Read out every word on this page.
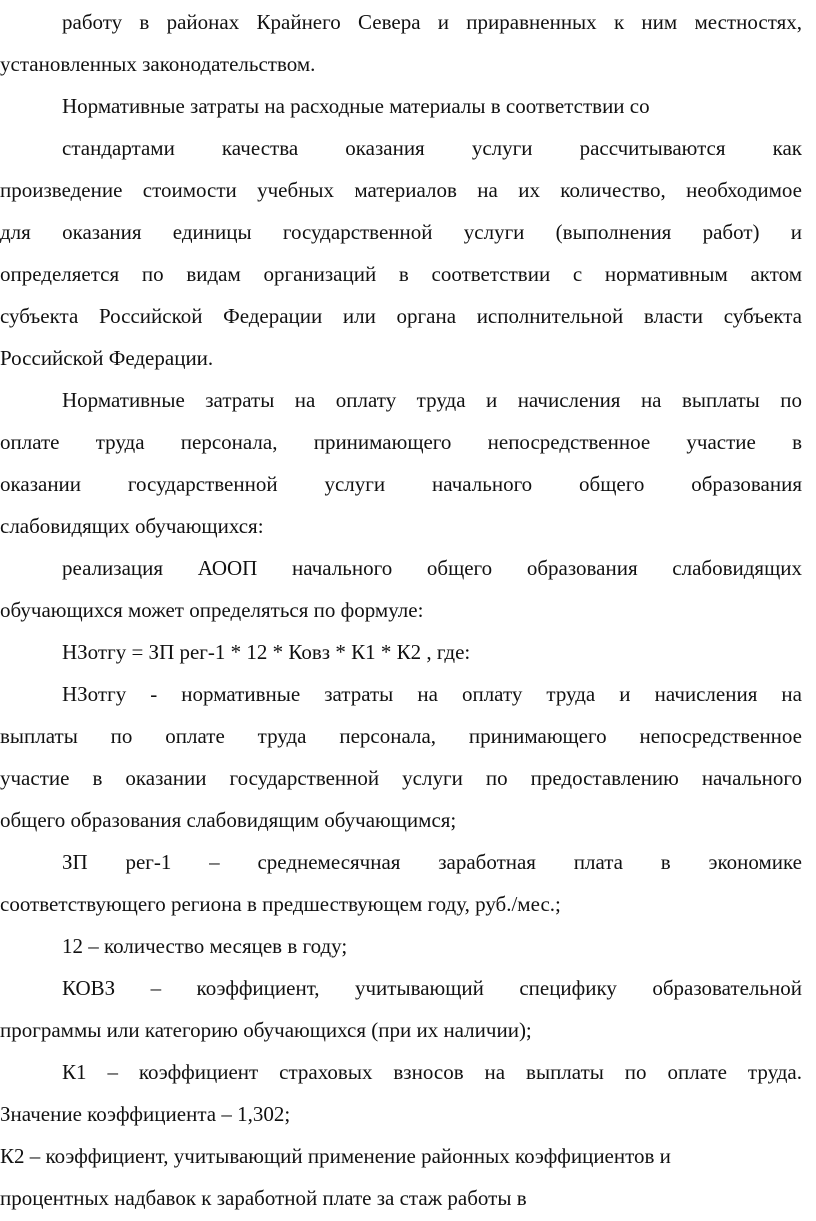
работу в районах Крайнего Севера и приравненных к ним местностях,
установленных законодательством.
Нормативные затраты на расходные материалы в соответствии со
стандартами качества оказания услуги рассчитываются как
произведение стоимости учебных материалов на их количество, необходимое
для оказания единицы государственной услуги (выполнения работ) и
определяется по видам организаций в соответствии с нормативным актом
субъекта Российской Федерации или органа исполнительной власти субъекта
Российской Федерации.
Нормативные затраты на оплату труда и начисления на выплаты по
оплате труда персонала, принимающего непосредственное участие в
оказании государственной услуги начального общего образования
слабовидящих обучающихся:
реализация АООП начального общего образования слабовидящих
обучающихся может определяться по формуле:
НЗотгу = ЗП рег-1 * 12 * Ковз * К1 * К2 , где:
НЗотгу - нормативные затраты на оплату труда и начисления на
выплаты по оплате труда персонала, принимающего непосредственное
участие в оказании государственной услуги по предоставлению начального
общего образования слабовидящим обучающимся;
ЗП рег-1 – среднемесячная заработная плата в экономике
соответствующего региона в предшествующем году, руб./мес.;
12 – количество месяцев в году;
КОВЗ – коэффициент, учитывающий специфику образовательной
программы или категорию обучающихся (при их наличии);
К1 – коэффициент страховых взносов на выплаты по оплате труда.
Значение коэффициента – 1,302;
К2 – коэффициент, учитывающий применение районных коэффициентов и
процентных надбавок к заработной плате за стаж работы в
